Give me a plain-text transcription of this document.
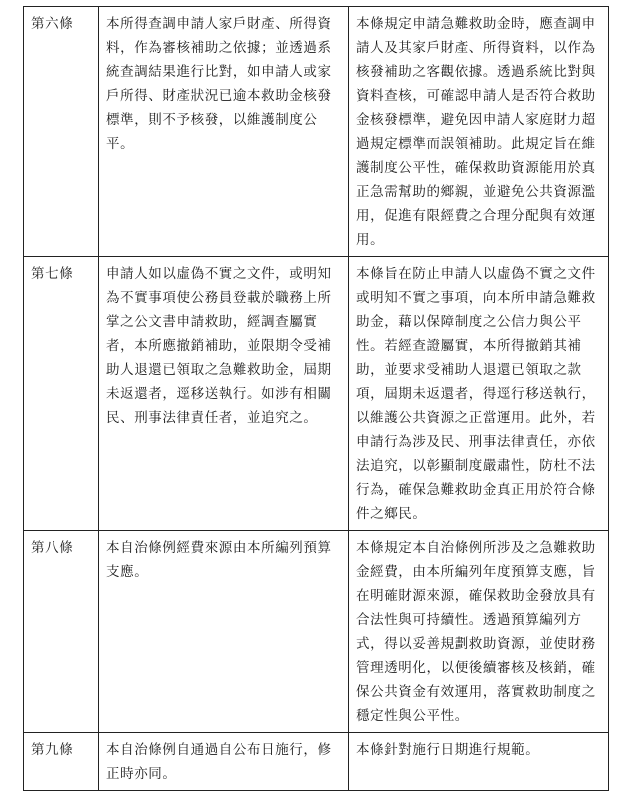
第六條	本所得查調申請人家戶財產、所得資料，作為審核補助之依據；並透過系統查調結果進行比對，如申請人或家戶所得、財產狀況已逾本救助金核發標準，則不予核發，以維護制度公平。	本條規定申請急難救助金時，應查調申請人及其家戶財產、所得資料，以作為核發補助之客觀依據。透過系統比對與資料查核，可確認申請人是否符合救助金核發標準，避免因申請人家庭財力超過規定標準而誤領補助。此規定旨在維護制度公平性，確保救助資源能用於真正急需幫助的鄉親，並避免公共資源濫用，促進有限經費之合理分配與有效運用。
第七條	申請人如以虛偽不實之文件，或明知為不實事項使公務員登載於職務上所掌之公文書申請救助，經調查屬實者，本所應撤銷補助，並限期令受補助人退還已領取之急難救助金，屆期未返還者，逕移送執行。如涉有相關民、刑事法律責任者，並追究之。	本條旨在防止申請人以虛偽不實之文件或明知不實之事項，向本所申請急難救助金，藉以保障制度之公信力與公平性。若經查證屬實，本所得撤銷其補助，並要求受補助人退還已領取之款項，屆期未返還者，得逕行移送執行，以維護公共資源之正當運用。此外，若申請行為涉及民、刑事法律責任，亦依法追究，以彰顯制度嚴肅性，防杜不法行為，確保急難救助金真正用於符合條件之鄉民。
第八條	本自治條例經費來源由本所編列預算支應。	本條規定本自治條例所涉及之急難救助金經費，由本所編列年度預算支應，旨在明確財源來源，確保救助金發放具有合法性與可持續性。透過預算編列方式，得以妥善規劃救助資源，並使財務管理透明化，以便後續審核及核銷，確保公共資金有效運用，落實救助制度之穩定性與公平性。
第九條	本自治條例自通過自公布日施行，修正時亦同。	本條針對施行日期進行規範。
